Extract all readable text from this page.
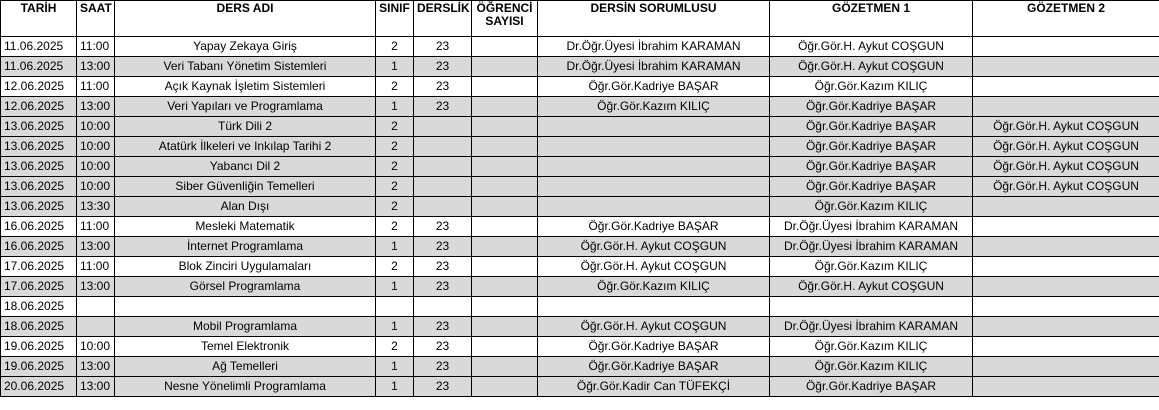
TARİH	SAAT	DERS ADI	SINIF	DERSLİK	ÖĞRENCİ SAYISI	DERSİN SORUMLUSU	GÖZETMEN 1	GÖZETMEN 2
11.06.2025	11:00	Yapay Zekaya Giriş	2	23		Dr.Öğr.Üyesi İbrahim KARAMAN	Öğr.Gör.H. Aykut COŞGUN	
11.06.2025	13:00	Veri Tabanı Yönetim Sistemleri	1	23		Dr.Öğr.Üyesi İbrahim KARAMAN	Öğr.Gör.H. Aykut COŞGUN	
12.06.2025	11:00	Açık Kaynak İşletim Sistemleri	2	23		Öğr.Gör.Kadriye BAŞAR	Öğr.Gör.Kazım KILIÇ	
12.06.2025	13:00	Veri Yapıları ve Programlama	1	23		Öğr.Gör.Kazım KILIÇ	Öğr.Gör.Kadriye BAŞAR	
13.06.2025	10:00	Türk Dili 2	2				Öğr.Gör.Kadriye BAŞAR	Öğr.Gör.H. Aykut COŞGUN
13.06.2025	10:00	Atatürk İlkeleri ve Inkılap Tarihi 2	2				Öğr.Gör.Kadriye BAŞAR	Öğr.Gör.H. Aykut COŞGUN
13.06.2025	10:00	Yabancı Dil 2	2				Öğr.Gör.Kadriye BAŞAR	Öğr.Gör.H. Aykut COŞGUN
13.06.2025	10:00	Siber Güvenliğin Temelleri	2				Öğr.Gör.Kadriye BAŞAR	Öğr.Gör.H. Aykut COŞGUN
13.06.2025	13:30	Alan Dışı	2				Öğr.Gör.Kazım KILIÇ	
16.06.2025	11:00	Mesleki Matematik	2	23		Öğr.Gör.Kadriye BAŞAR	Dr.Öğr.Üyesi İbrahim KARAMAN	
16.06.2025	13:00	İnternet Programlama	1	23		Öğr.Gör.H. Aykut COŞGUN	Dr.Öğr.Üyesi İbrahim KARAMAN	
17.06.2025	11:00	Blok Zinciri Uygulamaları	2	23		Öğr.Gör.H. Aykut COŞGUN	Öğr.Gör.Kazım KILIÇ	
17.06.2025	13:00	Görsel Programlama	1	23		Öğr.Gör.Kazım KILIÇ	Öğr.Gör.H. Aykut COŞGUN	
18.06.2025								
18.06.2025		Mobil Programlama	1	23		Öğr.Gör.H. Aykut COŞGUN	Dr.Öğr.Üyesi İbrahim KARAMAN	
19.06.2025	10:00	Temel Elektronik	2	23		Öğr.Gör.Kadriye BAŞAR	Öğr.Gör.Kazım KILIÇ	
19.06.2025	13:00	Ağ Temelleri	1	23		Öğr.Gör.Kadriye BAŞAR	Öğr.Gör.Kazım KILIÇ	
20.06.2025	13:00	Nesne Yönelimli Programlama	1	23		Öğr.Gör.Kadir Can TÜFEKÇİ	Öğr.Gör.Kadriye BAŞAR	
